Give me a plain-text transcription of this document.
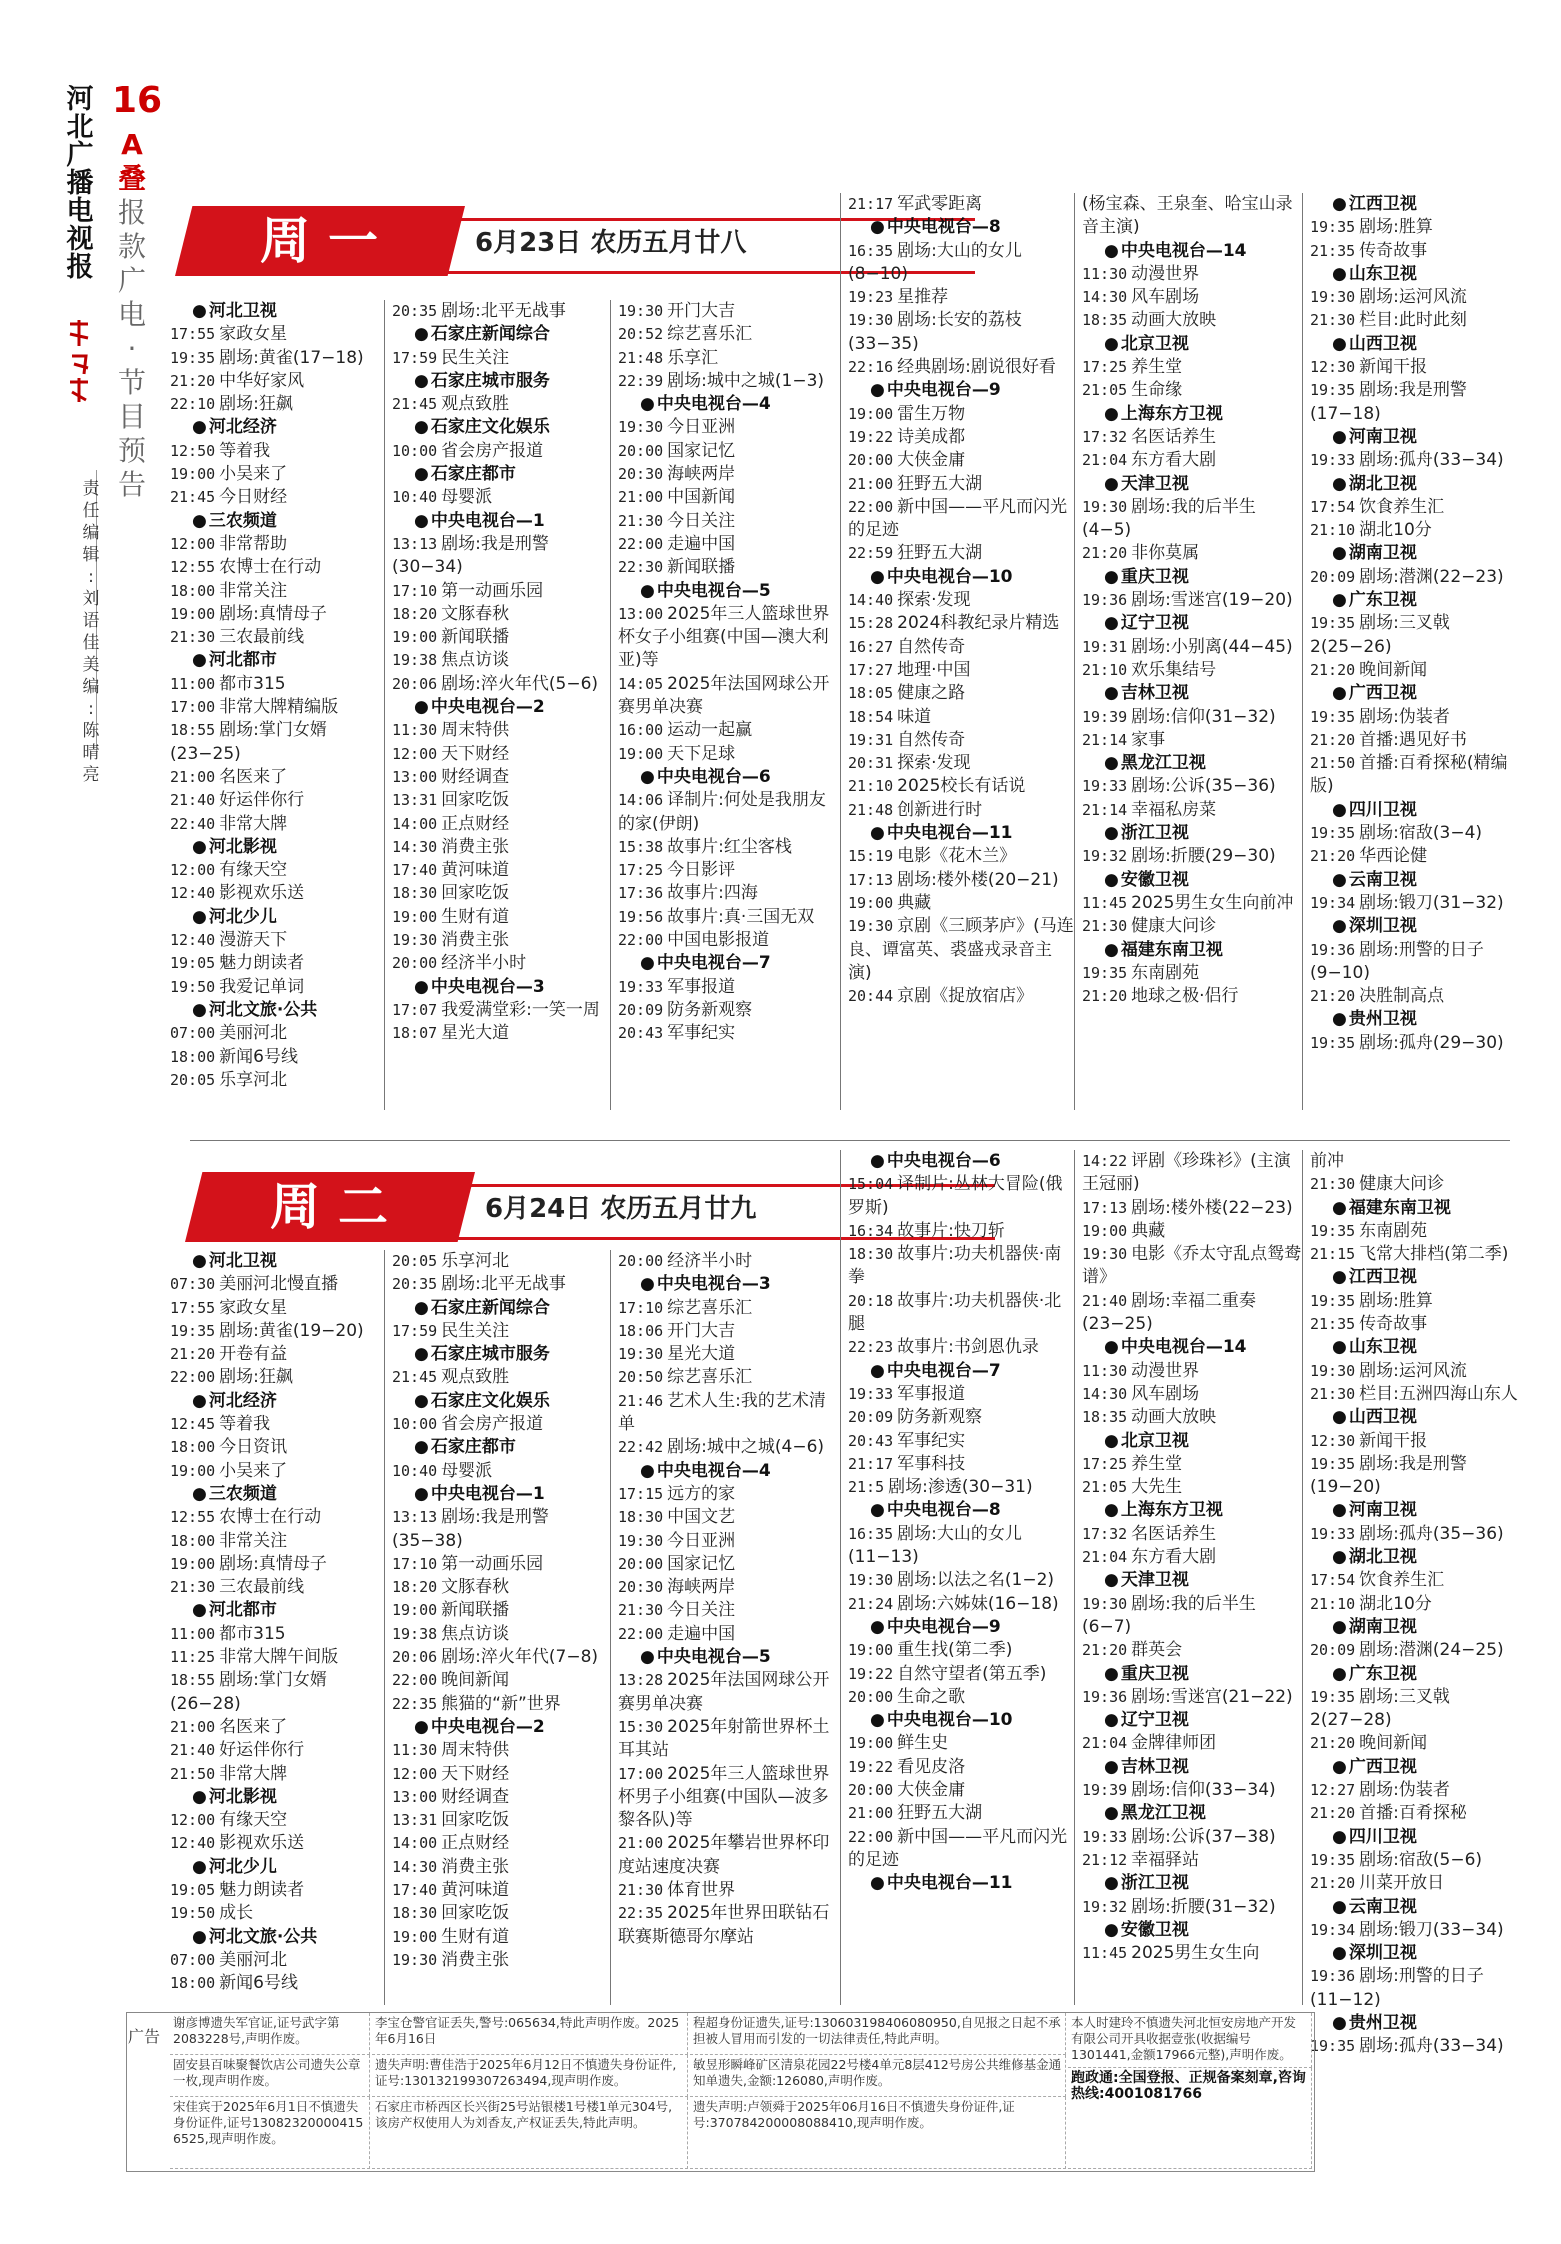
河
北
广
播
电
视
报
16
A
叠
报
款
广
电
·
节
目
预
告
责
任
编
辑
:
刘
语
佳
美
编
:
陈
晴
亮
周一	6月23日 农历五月廿八
周二	6月24日 农历五月廿九
● 河北卫视
17:55 家政女星
19:35 剧场:黄雀(17−18)
21:20 中华好家风
22:10 剧场:狂飙
● 河北经济
12:50 等着我
19:00 小吴来了
21:45 今日财经
● 三农频道
12:00 非常帮助
12:55 农博士在行动
18:00 非常关注
19:00 剧场:真情母子
21:30 三农最前线
● 河北都市
11:00 都市315
17:00 非常大牌精编版
18:55 剧场:掌门女婿(23−25)
21:00 名医来了
21:40 好运伴你行
22:40 非常大牌
● 河北影视
12:00 有缘天空
12:40 影视欢乐送
● 河北少儿
12:40 漫游天下
19:05 魅力朗读者
19:50 我爱记单词
● 河北文旅·公共
07:00 美丽河北
18:00 新闻6号线
20:05 乐享河北
20:35 剧场:北平无战事
● 石家庄新闻综合
17:59 民生关注
● 石家庄城市服务
21:45 观点致胜
● 石家庄文化娱乐
10:00 省会房产报道
● 石家庄都市
10:40 母婴派
● 中央电视台—1
13:13 剧场:我是刑警(30−34)
17:10 第一动画乐园
18:20 文豚春秋
19:00 新闻联播
19:38 焦点访谈
20:06 剧场:淬火年代(5−6)
● 中央电视台—2
11:30 周末特供
12:00 天下财经
13:00 财经调查
13:31 回家吃饭
14:00 正点财经
14:30 消费主张
17:40 黄河味道
18:30 回家吃饭
19:00 生财有道
19:30 消费主张
20:00 经济半小时
● 中央电视台—3
17:07 我爱满堂彩:一笑一周
18:07 星光大道
19:30 开门大吉
20:52 综艺喜乐汇
21:48 乐享汇
22:39 剧场:城中之城(1−3)
● 中央电视台—4
19:30 今日亚洲
20:00 国家记忆
20:30 海峡两岸
21:00 中国新闻
21:30 今日关注
22:00 走遍中国
22:30 新闻联播
● 中央电视台—5
13:00 2025年三人篮球世界杯女子小组赛(中国—澳大利亚)等
14:05 2025年法国网球公开赛男单决赛
16:00 运动一起赢
19:00 天下足球
● 中央电视台—6
14:06 译制片:何处是我朋友的家(伊朗)
15:38 故事片:红尘客栈
17:25 今日影评
17:36 故事片:四海
19:56 故事片:真·三国无双
22:00 中国电影报道
● 中央电视台—7
19:33 军事报道
20:09 防务新观察
20:43 军事纪实
21:17 军武零距离
● 中央电视台—8
16:35 剧场:大山的女儿(8−10)
19:23 星推荐
19:30 剧场:长安的荔枝(33−35)
22:16 经典剧场:剧说很好看
● 中央电视台—9
19:00 雷生万物
19:22 诗美成都
20:00 大侠金庸
21:00 狂野五大湖
22:00 新中国——平凡而闪光的足迹
22:59 狂野五大湖
● 中央电视台—10
14:40 探索·发现
15:28 2024科教纪录片精选
16:27 自然传奇
17:27 地理·中国
18:05 健康之路
18:54 味道
19:31 自然传奇
20:31 探索·发现
21:10 2025校长有话说
21:48 创新进行时
● 中央电视台—11
15:19 电影《花木兰》
17:13 剧场:楼外楼(20−21)
19:00 典藏
19:30 京剧《三顾茅庐》(马连良、谭富英、裘盛戎录音主演)
20:44 京剧《捉放宿店》
(杨宝森、王泉奎、哈宝山录音主演)
● 中央电视台—14
11:30 动漫世界
14:30 风车剧场
18:35 动画大放映
● 北京卫视
17:25 养生堂
21:05 生命缘
● 上海东方卫视
17:32 名医话养生
21:04 东方看大剧
● 天津卫视
19:30 剧场:我的后半生(4−5)
21:20 非你莫属
● 重庆卫视
19:36 剧场:雪迷宫(19−20)
● 辽宁卫视
19:31 剧场:小别离(44−45)
21:10 欢乐集结号
● 吉林卫视
19:39 剧场:信仰(31−32)
21:14 家事
● 黑龙江卫视
19:33 剧场:公诉(35−36)
21:14 幸福私房菜
● 浙江卫视
19:32 剧场:折腰(29−30)
● 安徽卫视
11:45 2025男生女生向前冲
21:30 健康大问诊
● 福建东南卫视
19:35 东南剧苑
21:20 地球之极·侣行
● 江西卫视
19:35 剧场:胜算
21:35 传奇故事
● 山东卫视
19:30 剧场:运河风流
21:30 栏目:此时此刻
● 山西卫视
12:30 新闻干报
19:35 剧场:我是刑警(17−18)
● 河南卫视
19:33 剧场:孤舟(33−34)
● 湖北卫视
17:54 饮食养生汇
21:10 湖北10分
● 湖南卫视
20:09 剧场:潜渊(22−23)
● 广东卫视
19:35 剧场:三叉戟2(25−26)
21:20 晚间新闻
● 广西卫视
19:35 剧场:伪装者
21:20 首播:遇见好书
21:50 首播:百肴探秘(精编版)
● 四川卫视
19:35 剧场:宿敌(3−4)
21:20 华西论健
● 云南卫视
19:34 剧场:锻刀(31−32)
● 深圳卫视
19:36 剧场:刑警的日子(9−10)
21:20 决胜制高点
● 贵州卫视
19:35 剧场:孤舟(29−30)
● 河北卫视
07:30 美丽河北慢直播
17:55 家政女星
19:35 剧场:黄雀(19−20)
21:20 开卷有益
22:00 剧场:狂飙
● 河北经济
12:45 等着我
18:00 今日资讯
19:00 小吴来了
● 三农频道
12:55 农博士在行动
18:00 非常关注
19:00 剧场:真情母子
21:30 三农最前线
● 河北都市
11:00 都市315
11:25 非常大牌午间版
18:55 剧场:掌门女婿(26−28)
21:00 名医来了
21:40 好运伴你行
21:50 非常大牌
● 河北影视
12:00 有缘天空
12:40 影视欢乐送
● 河北少儿
19:05 魅力朗读者
19:50 成长
● 河北文旅·公共
07:00 美丽河北
18:00 新闻6号线
20:05 乐享河北
20:35 剧场:北平无战事
● 石家庄新闻综合
17:59 民生关注
● 石家庄城市服务
21:45 观点致胜
● 石家庄文化娱乐
10:00 省会房产报道
● 石家庄都市
10:40 母婴派
● 中央电视台—1
13:13 剧场:我是刑警(35−38)
17:10 第一动画乐园
18:20 文豚春秋
19:00 新闻联播
19:38 焦点访谈
20:06 剧场:淬火年代(7−8)
22:00 晚间新闻
22:35 熊猫的“新”世界
● 中央电视台—2
11:30 周末特供
12:00 天下财经
13:00 财经调查
13:31 回家吃饭
14:00 正点财经
14:30 消费主张
17:40 黄河味道
18:30 回家吃饭
19:00 生财有道
19:30 消费主张
20:00 经济半小时
● 中央电视台—3
17:10 综艺喜乐汇
18:06 开门大吉
19:30 星光大道
20:50 综艺喜乐汇
21:46 艺术人生:我的艺术清单
22:42 剧场:城中之城(4−6)
● 中央电视台—4
17:15 远方的家
18:30 中国文艺
19:30 今日亚洲
20:00 国家记忆
20:30 海峡两岸
21:30 今日关注
22:00 走遍中国
● 中央电视台—5
13:28 2025年法国网球公开赛男单决赛
15:30 2025年射箭世界杯土耳其站
17:00 2025年三人篮球世界杯男子小组赛(中国队—波多黎各队)等
21:00 2025年攀岩世界杯印度站速度决赛
21:30 体育世界
22:35 2025年世界田联钻石联赛斯德哥尔摩站
● 中央电视台—6
15:04 译制片:丛林大冒险(俄罗斯)
16:34 故事片:快刀斩
18:30 故事片:功夫机器侠·南拳
20:18 故事片:功夫机器侠·北腿
22:23 故事片:书剑恩仇录
● 中央电视台—7
19:33 军事报道
20:09 防务新观察
20:43 军事纪实
21:17 军事科技
21:5 剧场:渗透(30−31)
● 中央电视台—8
16:35 剧场:大山的女儿(11−13)
19:30 剧场:以法之名(1−2)
21:24 剧场:六姊妹(16−18)
● 中央电视台—9
19:00 重生找(第二季)
19:22 自然守望者(第五季)
20:00 生命之歌
● 中央电视台—10
19:00 鲜生史
19:22 看见皮洛
20:00 大侠金庸
21:00 狂野五大湖
22:00 新中国——平凡而闪光的足迹
● 中央电视台—11
14:22 评剧《珍珠衫》(主演 王冠丽)
17:13 剧场:楼外楼(22−23)
19:00 典藏
19:30 电影《乔太守乱点鸳鸯谱》
21:40 剧场:幸福二重奏(23−25)
● 中央电视台—14
11:30 动漫世界
14:30 风车剧场
18:35 动画大放映
● 北京卫视
17:25 养生堂
21:05 大先生
● 上海东方卫视
17:32 名医话养生
21:04 东方看大剧
● 天津卫视
19:30 剧场:我的后半生(6−7)
21:20 群英会
● 重庆卫视
19:36 剧场:雪迷宫(21−22)
● 辽宁卫视
21:04 金牌律师团
● 吉林卫视
19:39 剧场:信仰(33−34)
● 黑龙江卫视
19:33 剧场:公诉(37−38)
21:12 幸福驿站
● 浙江卫视
19:32 剧场:折腰(31−32)
● 安徽卫视
11:45 2025男生女生向
前冲
21:30 健康大问诊
● 福建东南卫视
19:35 东南剧苑
21:15 飞常大排档(第二季)
● 江西卫视
19:35 剧场:胜算
21:35 传奇故事
● 山东卫视
19:30 剧场:运河风流
21:30 栏目:五洲四海山东人
● 山西卫视
12:30 新闻干报
19:35 剧场:我是刑警(19−20)
● 河南卫视
19:33 剧场:孤舟(35−36)
● 湖北卫视
17:54 饮食养生汇
21:10 湖北10分
● 湖南卫视
20:09 剧场:潜渊(24−25)
● 广东卫视
19:35 剧场:三叉戟2(27−28)
21:20 晚间新闻
● 广西卫视
12:27 剧场:伪装者
21:20 首播:百肴探秘
● 四川卫视
19:35 剧场:宿敌(5−6)
21:20 川菜开放日
● 云南卫视
19:34 剧场:锻刀(33−34)
● 深圳卫视
19:36 剧场:刑警的日子(11−12)
● 贵州卫视
19:35 剧场:孤舟(33−34)
广告
谢彦博遗失军官证,证号武字第2083228号,声明作废。
李宝仓警官证丢失,警号:065634,特此声明作废。2025年6月16日
程超身份证遗失,证号:130603198406080950,自见报之日起不承担被人冒用而引发的一切法律责任,特此声明。
本人时建玲不慎遗失河北恒安房地产开发有限公司开具收据壹张(收据编号1301441,金额17966元整),声明作废。
固安县百味聚餐饮店公司遗失公章一枚,现声明作废。
遗失声明:曹佳浩于2025年6月12日不慎遗失身份证件,证号:130132199307263494,现声明作废。
敏昱形瞬峰矿区清泉花园22号楼4单元8层412号房公共维修基金通知单遗失,金额:126080,声明作废。
宋佳宾于2025年6月1日不慎遗失身份证件,证号13082320000415​6525,现声明作废。
石家庄市桥西区长兴街25号站银楼1号楼1单元304号,该房产权使用人为刘香友,产权证丢失,特此声明。
遗失声明:卢领舜于2025年06月16日不慎遗失身份证件,证号:370784200008088410,现声明作废。
跑政通:全国登报、正规备案刻章,咨询热线:4001081766
